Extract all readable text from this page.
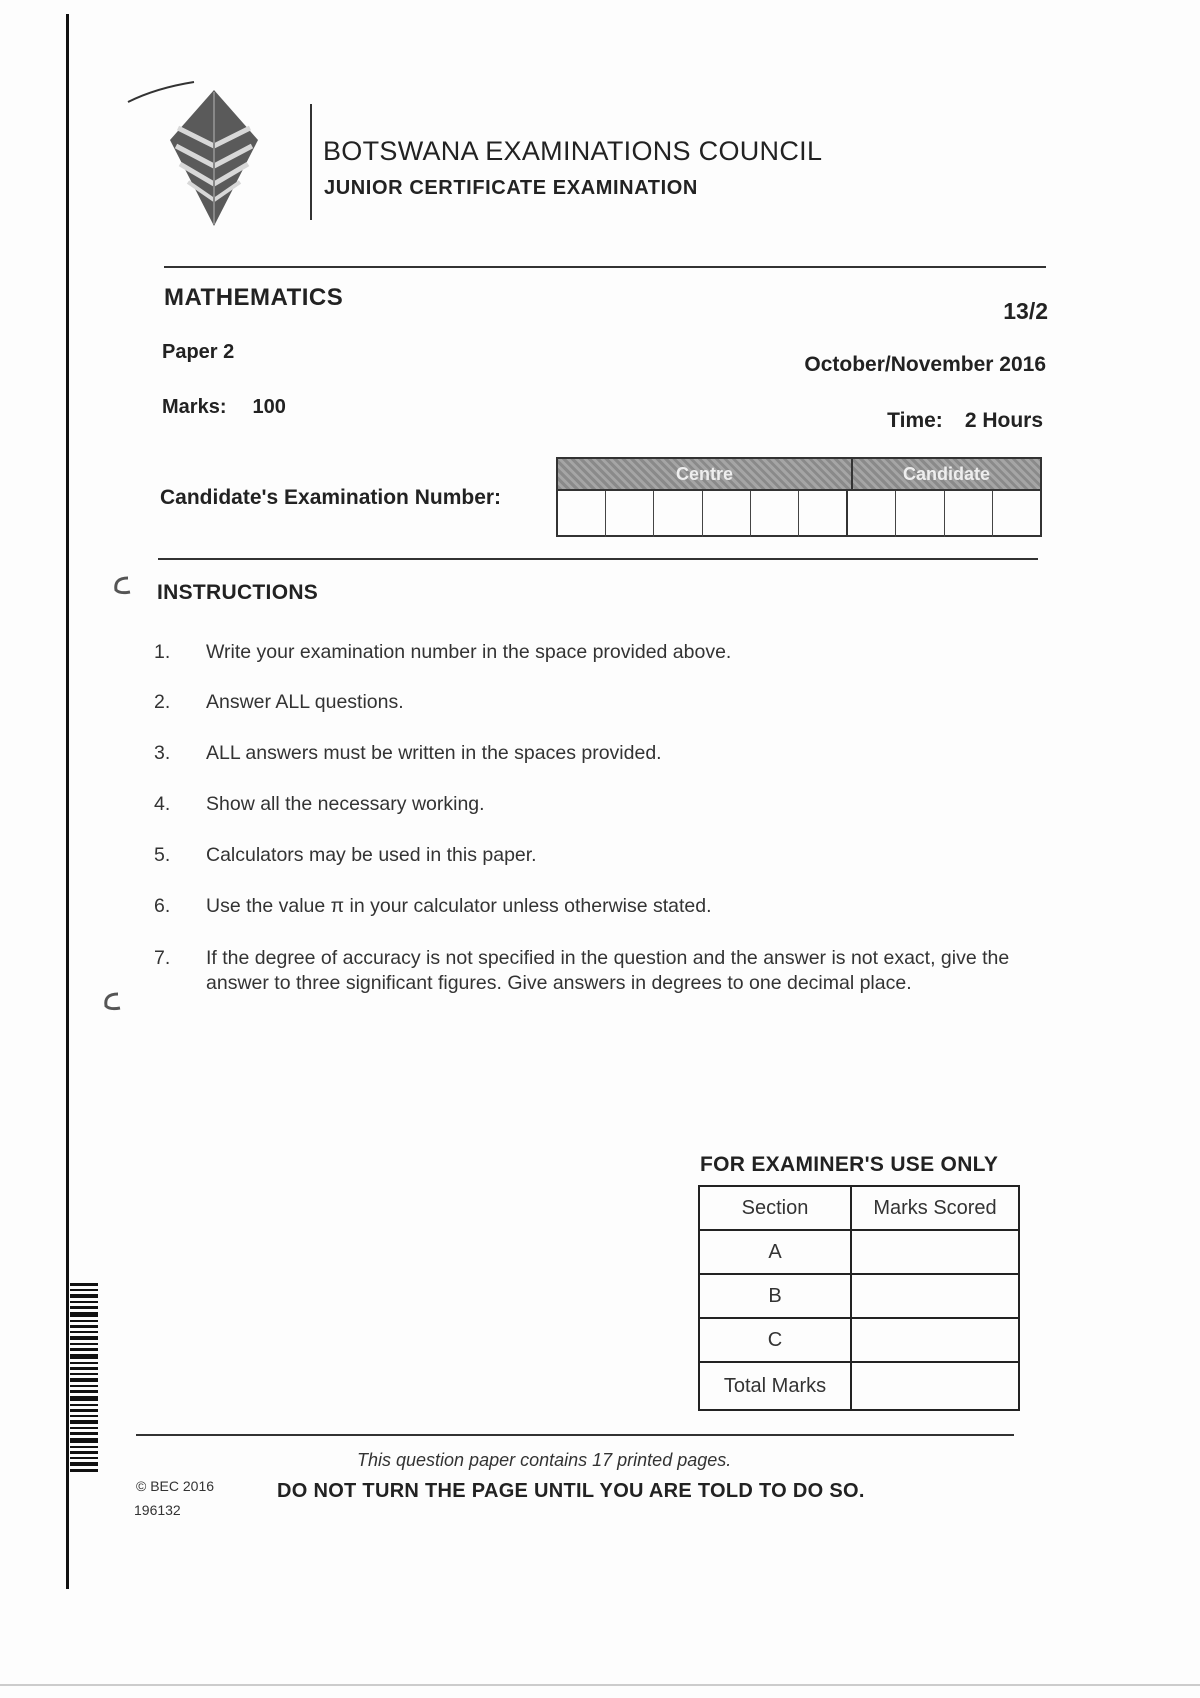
BOTSWANA EXAMINATIONS COUNCIL
JUNIOR CERTIFICATE EXAMINATION
MATHEMATICS	13/2
Paper 2
October/November 2016
Marks: 100
Time: 2 Hours
Candidate's Examination Number:
Centre	Candidate
INSTRUCTIONS
1. Write your examination number in the space provided above.
2. Answer ALL questions.
3. ALL answers must be written in the spaces provided.
4. Show all the necessary working.
5. Calculators may be used in this paper.
6. Use the value π in your calculator unless otherwise stated.
7. If the degree of accuracy is not specified in the question and the answer is not exact, give the answer to three significant figures. Give answers in degrees to one decimal place.
FOR EXAMINER'S USE ONLY
Section	Marks Scored
A	
B	
C	
Total Marks	
This question paper contains 17 printed pages.
DO NOT TURN THE PAGE UNTIL YOU ARE TOLD TO DO SO.
© BEC 2016
196132
